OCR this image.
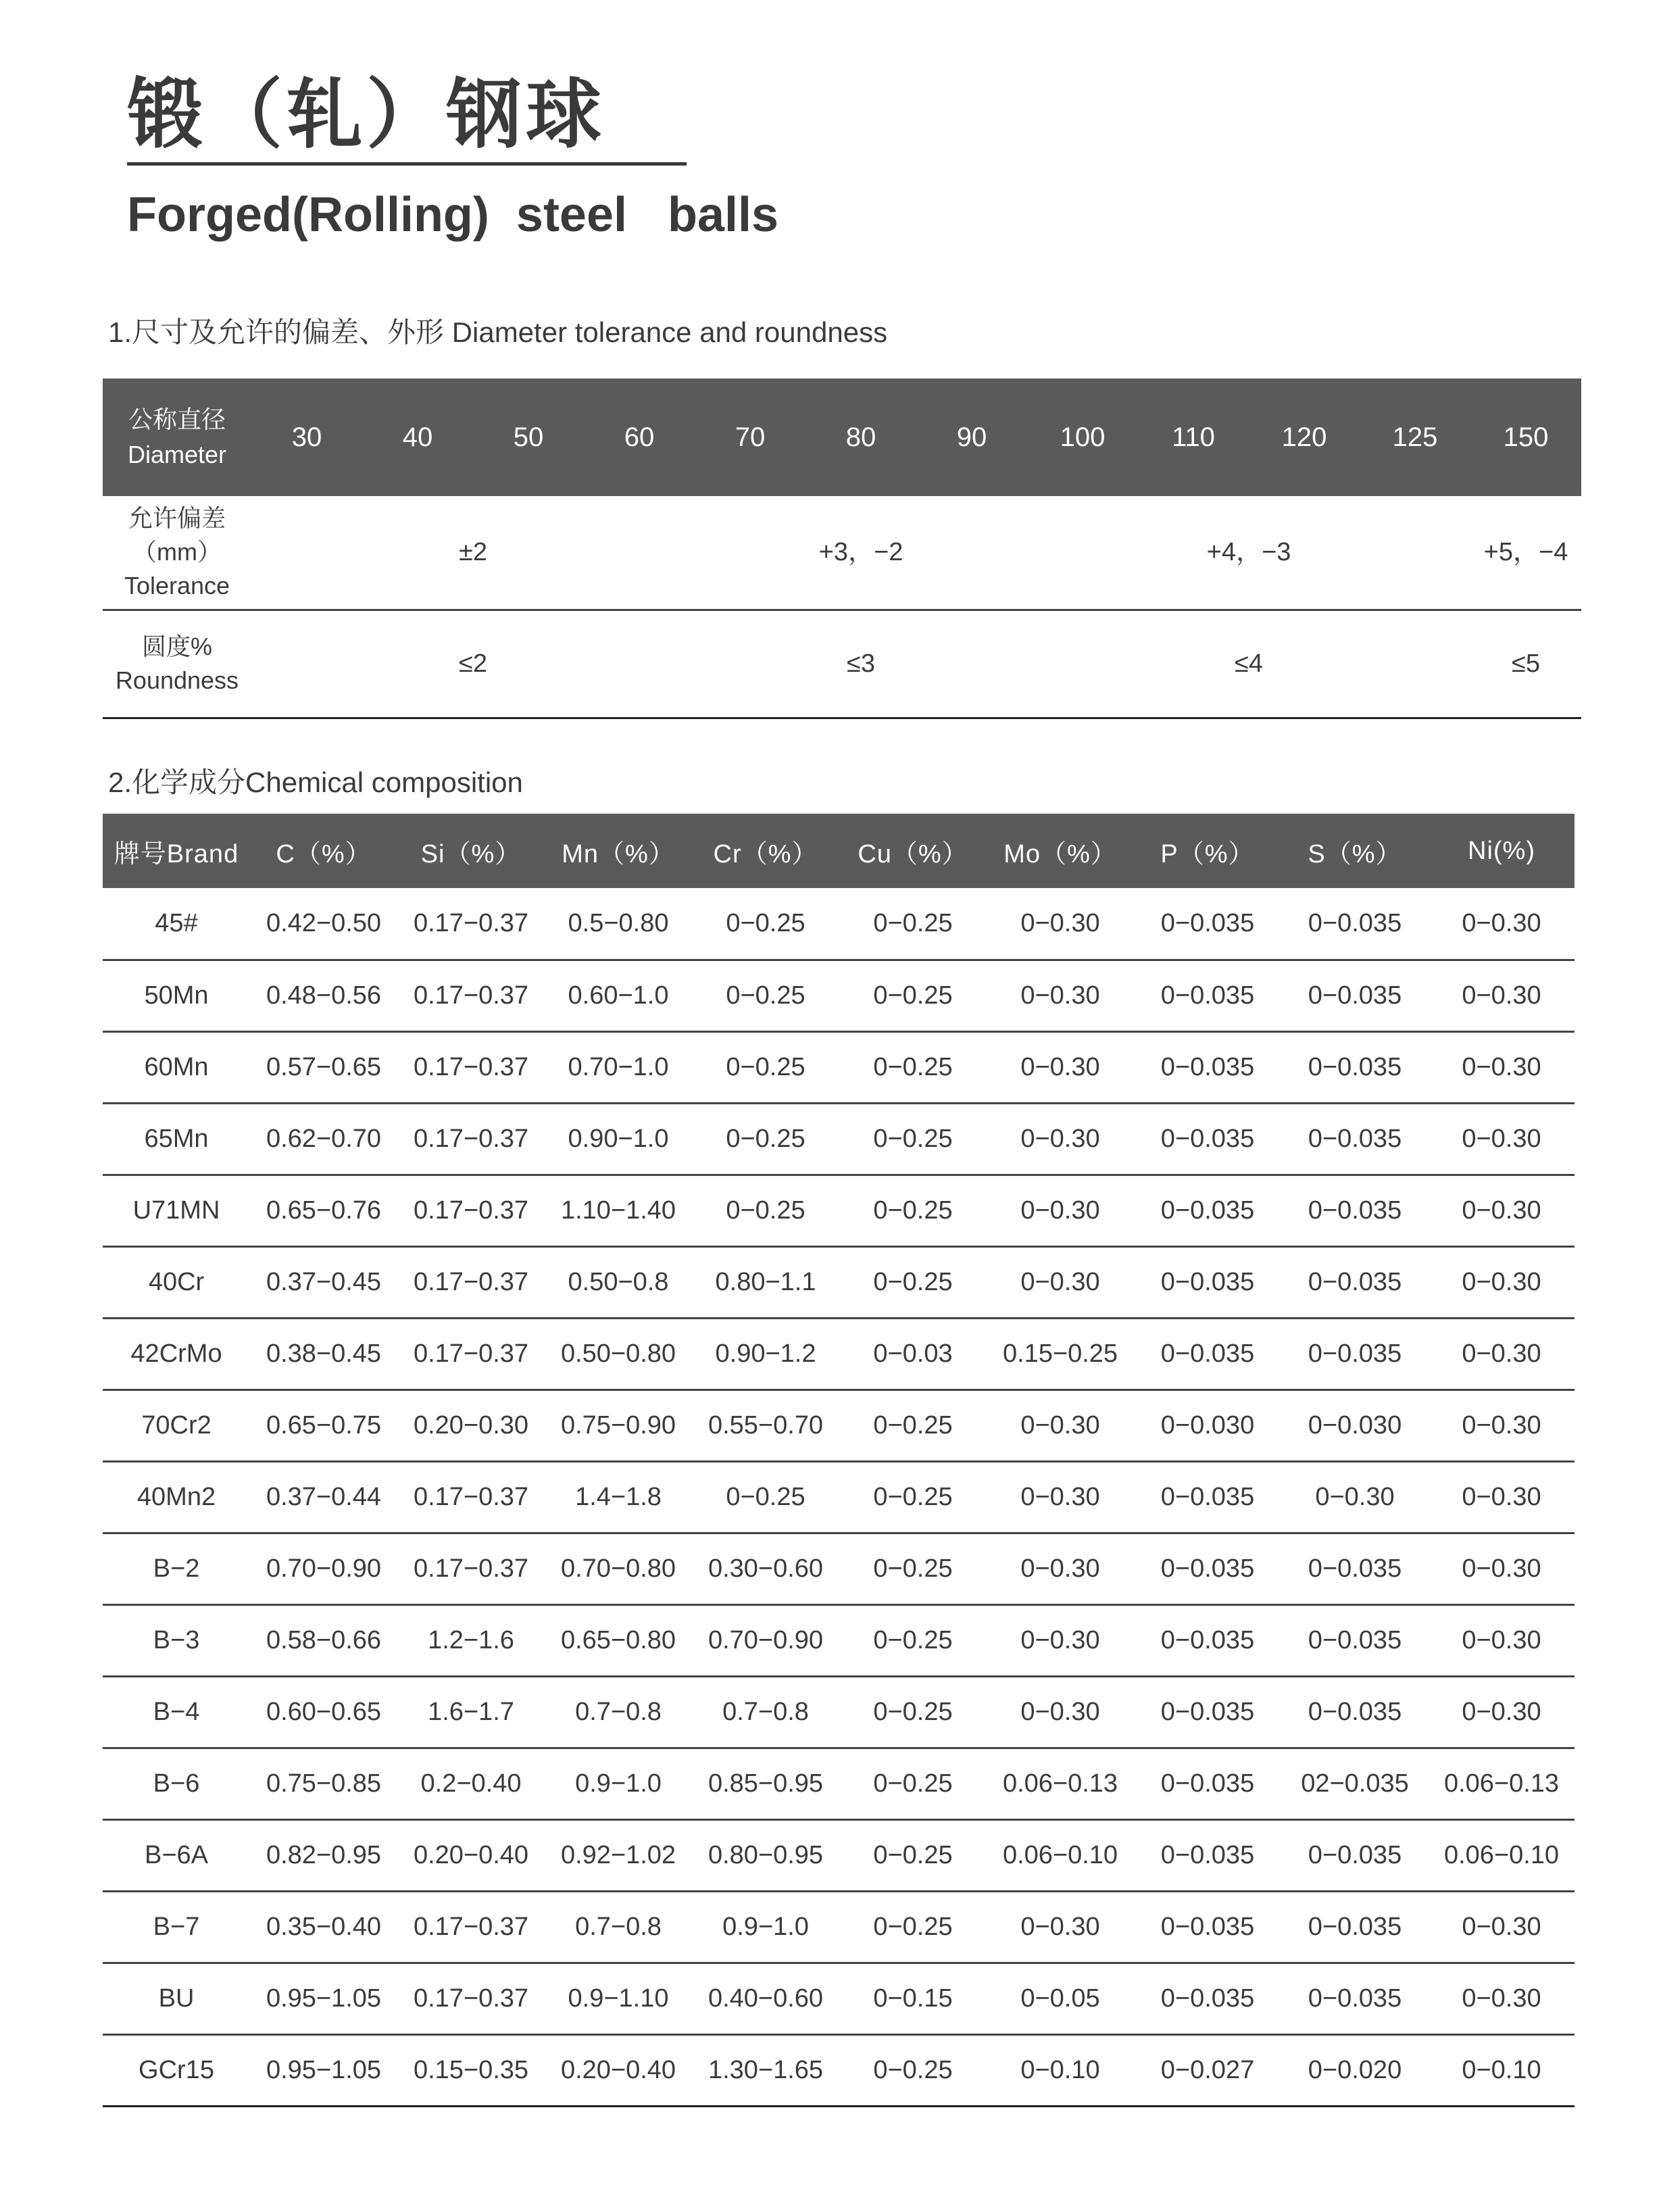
锻（轧）钢球
Forged(Rolling)  steel   balls
1.尺寸及允许的偏差、外形 Diameter tolerance and roundness
公称直径
Diameter	30	40	50	60	70	80	90	100	110	120	125	150

允许偏差
（mm）
Tolerance	±2				+3，−2			+4，−3				+5，−4

圆度%
Roundness	≤2				≤3			≤4				≤5
2.化学成分Chemical composition
牌号Brand	C（%）	Si（%）	Mn（%）	Cr（%）	Cu（%）	Mo（%）	P（%）	S（%）	Ni(%)
45#	0.42−0.50	0.17−0.37	0.5−0.80	0−0.25	0−0.25	0−0.30	0−0.035	0−0.035	0−0.30
50Mn	0.48−0.56	0.17−0.37	0.60−1.0	0−0.25	0−0.25	0−0.30	0−0.035	0−0.035	0−0.30
60Mn	0.57−0.65	0.17−0.37	0.70−1.0	0−0.25	0−0.25	0−0.30	0−0.035	0−0.035	0−0.30
65Mn	0.62−0.70	0.17−0.37	0.90−1.0	0−0.25	0−0.25	0−0.30	0−0.035	0−0.035	0−0.30
U71MN	0.65−0.76	0.17−0.37	1.10−1.40	0−0.25	0−0.25	0−0.30	0−0.035	0−0.035	0−0.30
40Cr	0.37−0.45	0.17−0.37	0.50−0.8	0.80−1.1	0−0.25	0−0.30	0−0.035	0−0.035	0−0.30
42CrMo	0.38−0.45	0.17−0.37	0.50−0.80	0.90−1.2	0−0.03	0.15−0.25	0−0.035	0−0.035	0−0.30
70Cr2	0.65−0.75	0.20−0.30	0.75−0.90	0.55−0.70	0−0.25	0−0.30	0−0.030	0−0.030	0−0.30
40Mn2	0.37−0.44	0.17−0.37	1.4−1.8	0−0.25	0−0.25	0−0.30	0−0.035	0−0.30	0−0.30
B−2	0.70−0.90	0.17−0.37	0.70−0.80	0.30−0.60	0−0.25	0−0.30	0−0.035	0−0.035	0−0.30
B−3	0.58−0.66	1.2−1.6	0.65−0.80	0.70−0.90	0−0.25	0−0.30	0−0.035	0−0.035	0−0.30
B−4	0.60−0.65	1.6−1.7	0.7−0.8	0.7−0.8	0−0.25	0−0.30	0−0.035	0−0.035	0−0.30
B−6	0.75−0.85	0.2−0.40	0.9−1.0	0.85−0.95	0−0.25	0.06−0.13	0−0.035	02−0.035	0.06−0.13
B−6A	0.82−0.95	0.20−0.40	0.92−1.02	0.80−0.95	0−0.25	0.06−0.10	0−0.035	0−0.035	0.06−0.10
B−7	0.35−0.40	0.17−0.37	0.7−0.8	0.9−1.0	0−0.25	0−0.30	0−0.035	0−0.035	0−0.30
BU	0.95−1.05	0.17−0.37	0.9−1.10	0.40−0.60	0−0.15	0−0.05	0−0.035	0−0.035	0−0.30
GCr15	0.95−1.05	0.15−0.35	0.20−0.40	1.30−1.65	0−0.25	0−0.10	0−0.027	0−0.020	0−0.10
